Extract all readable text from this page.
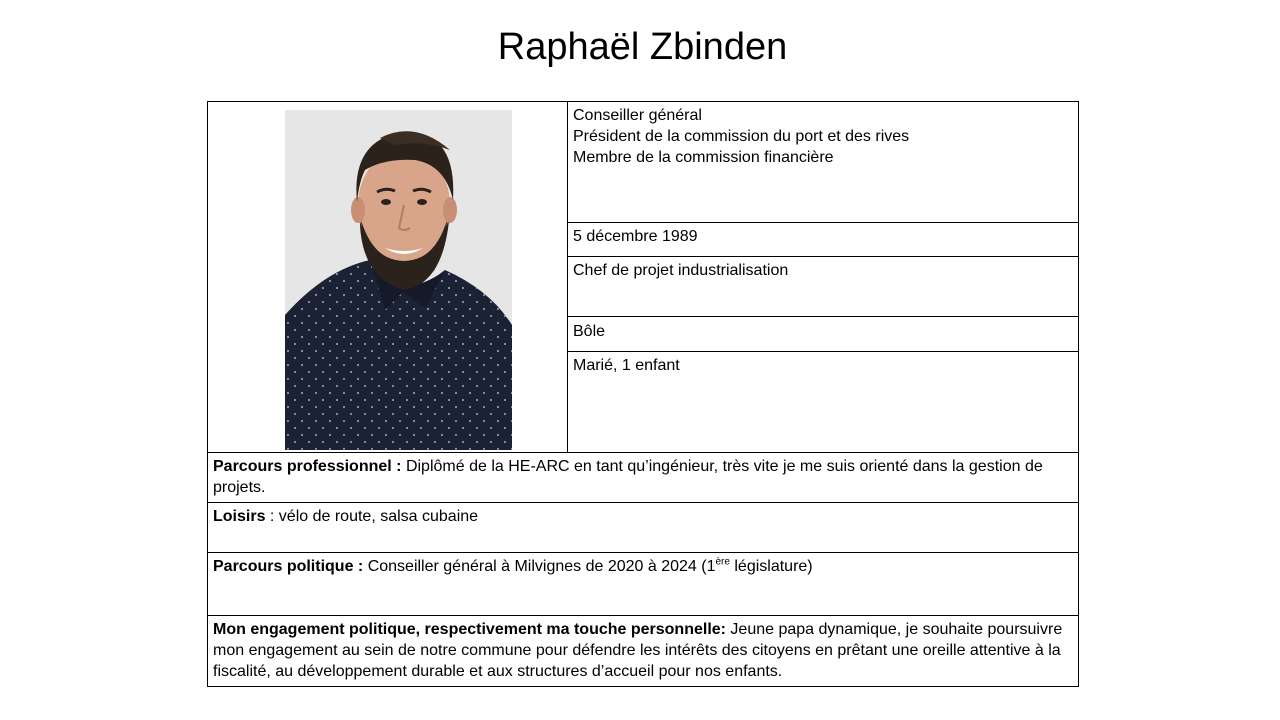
Raphaël Zbinden
Conseiller général
Président de la commission du port et des rives
Membre de la commission financière
5 décembre 1989
Chef de projet industrialisation
Bôle
Marié, 1 enfant
Parcours professionnel : Diplômé de la HE-ARC en tant qu’ingénieur, très vite je me suis orienté dans la gestion de projets.
Loisirs : vélo de route, salsa cubaine
Parcours politique : Conseiller général à Milvignes de 2020 à 2024 (1ère législature)
Mon engagement politique, respectivement ma touche personnelle: Jeune papa dynamique, je souhaite poursuivre mon engagement au sein de notre commune pour défendre les intérêts des citoyens en prêtant une oreille attentive à la fiscalité, au développement durable et aux structures d’accueil pour nos enfants.
